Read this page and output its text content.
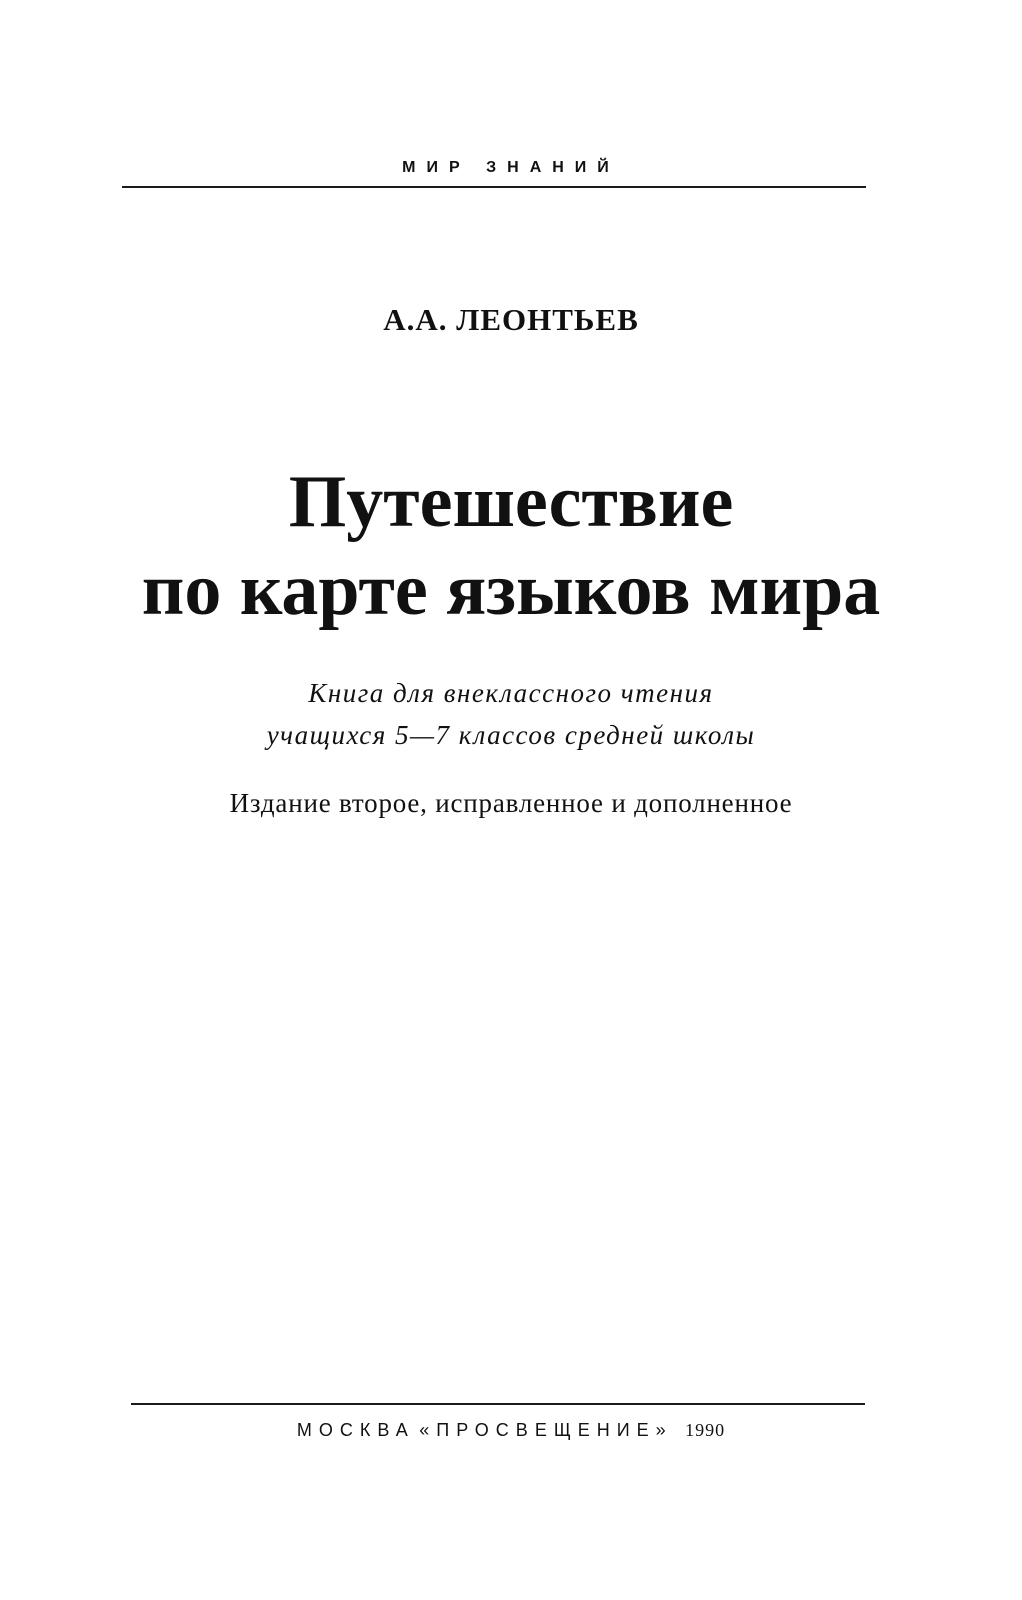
МИР ЗНАНИЙ
А.А. ЛЕОНТЬЕВ
Путешествие
по карте языков мира
Книга для внеклассного чтения
учащихся 5—7 классов средней школы
Издание второе, исправленное и дополненное
МОСКВА «ПРОСВЕЩЕНИЕ» 1990
